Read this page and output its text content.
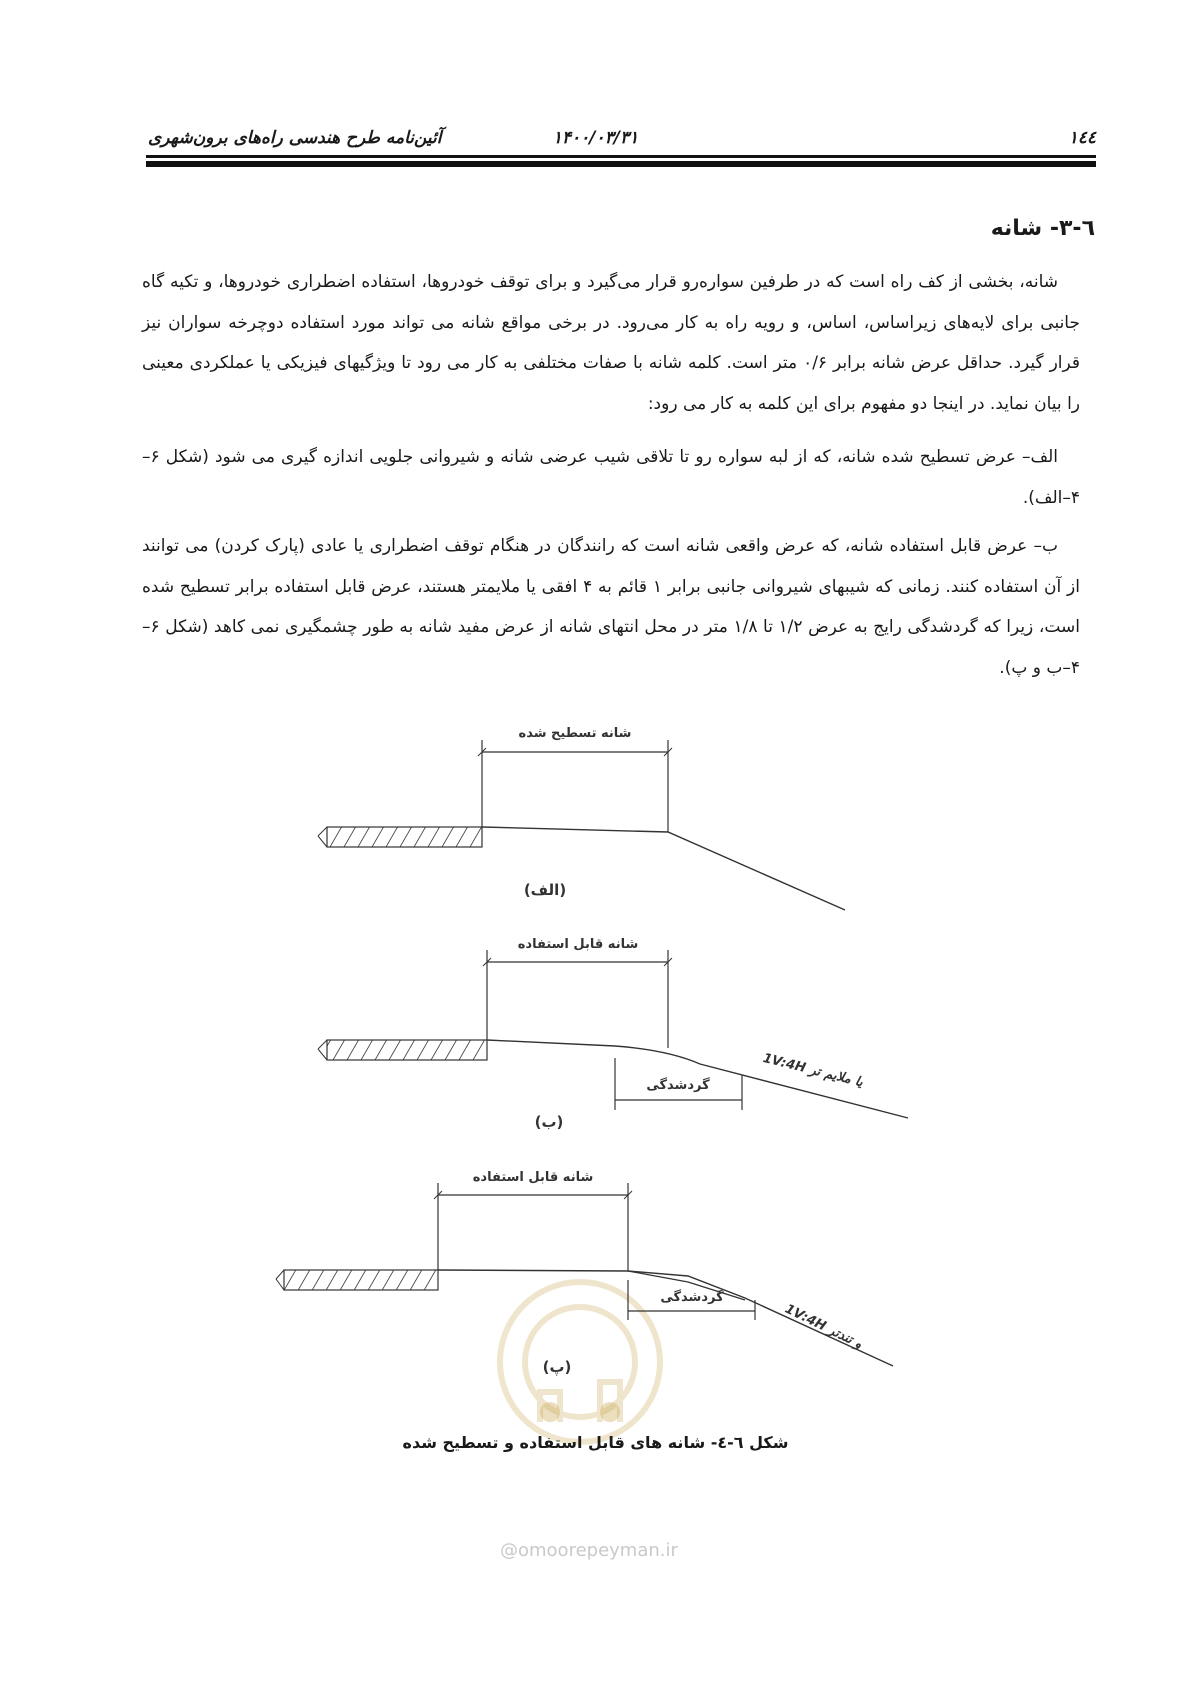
آئین‌نامه طرح هندسی راه‌های برون‌شهری	۱۴۰۰/۰۳/۳۱	۱٤٤
٦-٣- شانه

شانه، بخشی از کف راه است که در طرفین سواره‌رو قرار می‌گیرد و برای توقف خودروها، استفاده اضطراری خودروها، و تکیه گاه جانبی برای لایه‌های زیراساس، اساس، و رویه راه به کار می‌رود. در برخی مواقع شانه می تواند مورد استفاده دوچرخه سواران نیز قرار گیرد. حداقل عرض شانه برابر ۰/۶ متر است. کلمه شانه با صفات مختلفی به کار می رود تا ویژگیهای فیزیکی یا عملکردی معینی را بیان نماید. در اینجا دو مفهوم برای این کلمه به کار می رود:

الف– عرض تسطیح شده شانه، که از لبه سواره رو تا تلاقی شیب عرضی شانه و شیروانی جلویی اندازه گیری می شود (شکل ۶–۴–الف).

ب– عرض قابل استفاده شانه، که عرض واقعی شانه است که رانندگان در هنگام توقف اضطراری یا عادی (پارک کردن) می توانند از آن استفاده کنند. زمانی که شیبهای شیروانی جانبی برابر ۱ قائم به ۴ افقی یا ملایمتر هستند، عرض قابل استفاده برابر تسطیح شده است، زیرا که گردشدگی رایج به عرض ۱/۲ تا ۱/۸ متر در محل انتهای شانه از عرض مفید شانه به طور چشمگیری نمی کاهد (شکل ۶–۴–ب و پ).

شانه تسطیح شده
(الف)
شانه قابل استفاده
گردشدگی
1V:4H یا ملایم تر
(ب)
شانه قابل استفاده
گردشدگی
1V:4H و تندتر
(پ)
شکل ٦-٤- شانه های قابل استفاده و تسطیح شده
@omoorepeyman.ir
